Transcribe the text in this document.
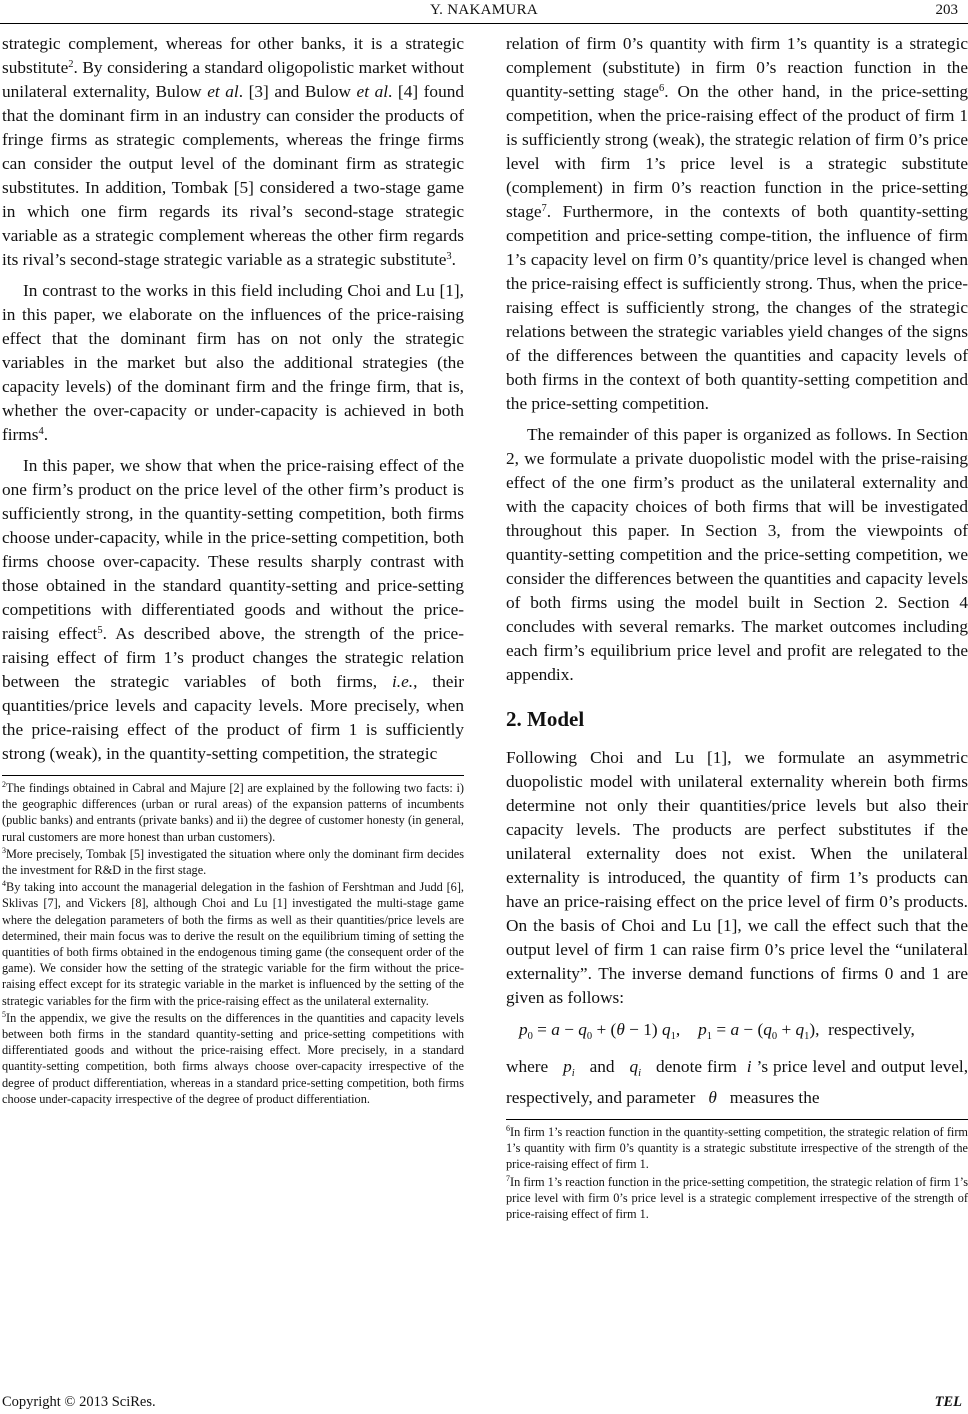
Y. NAKAMURA	203

strategic complement, whereas for other banks, it is a strategic substitute$^2$. By considering a standard oligopolistic market without unilateral externality, Bulow et al. [3] and Bulow et al. [4] found that the dominant firm in an industry can consider the products of fringe firms as strategic complements, whereas the fringe firms can consider the output level of the dominant firm as strategic substitutes. In addition, Tombak [5] considered a two-stage game in which one firm regards its rival’s second-stage strategic variable as a strategic complement whereas the other firm regards its rival’s second-stage strategic variable as a strategic substitute$^3$.

In contrast to the works in this field including Choi and Lu [1], in this paper, we elaborate on the influences of the price-raising effect that the dominant firm has on not only the strategic variables in the market but also the additional strategies (the capacity levels) of the dominant firm and the fringe firm, that is, whether the over-capacity or under-capacity is achieved in both firms$^4$.

In this paper, we show that when the price-raising effect of the one firm’s product on the price level of the other firm’s product is sufficiently strong, in the quantity-setting competition, both firms choose under-capacity, while in the price-setting competition, both firms choose over-capacity. These results sharply contrast with those obtained in the standard quantity-setting and price-setting competitions with differentiated goods and without the price-raising effect$^5$. As described above, the strength of the price-raising effect of firm 1’s product changes the strategic relation between the strategic variables of both firms, i.e., their quantities/price levels and capacity levels. More precisely, when the price-raising effect of the product of firm 1 is sufficiently strong (weak), in the quantity-setting competition, the strategic

$^2$The findings obtained in Cabral and Majure [2] are explained by the following two facts: i) the geographic differences (urban or rural areas) of the expansion patterns of incumbents (public banks) and entrants (private banks) and ii) the degree of customer honesty (in general, rural customers are more honest than urban customers).

$^3$More precisely, Tombak [5] investigated the situation where only the dominant firm decides the investment for R&D in the first stage.

$^4$By taking into account the managerial delegation in the fashion of Fershtman and Judd [6], Sklivas [7], and Vickers [8], although Choi and Lu [1] investigated the multi-stage game where the delegation parameters of both the firms as well as their quantities/price levels are determined, their main focus was to derive the result on the equilibrium timing of setting the quantities of both firms obtained in the endogenous timing game (the consequent order of the game). We consider how the setting of the strategic variable for the firm without the price-raising effect except for its strategic variable in the market is influenced by the setting of the strategic variables for the firm with the price-raising effect as the unilateral externality.

$^5$In the appendix, we give the results on the differences in the quantities and capacity levels between both firms in the standard quantity-setting and price-setting competitions with differentiated goods and without the price-raising effect. More precisely, in a standard quantity-setting competition, both firms always choose over-capacity irrespective of the degree of product differentiation, whereas in a standard price-setting competition, both firms choose under-capacity irrespective of the degree of product differentiation.

relation of firm 0’s quantity with firm 1’s quantity is a strategic complement (substitute) in firm 0’s reaction function in the quantity-setting stage$^6$. On the other hand, in the price-setting competition, when the price-raising effect of the product of firm 1 is sufficiently strong (weak), the strategic relation of firm 0’s price level with firm 1’s price level is a strategic substitute (complement) in firm 0’s reaction function in the price-setting stage$^7$. Furthermore, in the contexts of both quantity-setting competition and price-setting compe-tition, the influence of firm 1’s capacity level on firm 0’s quantity/price level is changed when the price-raising effect is sufficiently strong. Thus, when the price-raising effect is sufficiently strong, the changes of the strategic relations between the strategic variables yield changes of the signs of the differences between the quantities and capacity levels of both firms in the context of both quantity-setting competition and the price-setting competition.

The remainder of this paper is organized as follows. In Section 2, we formulate a private duopolistic model with the prise-raising effect of the one firm’s product as the unilateral externality and with the capacity choices of both firms that will be investigated throughout this paper. In Section 3, from the viewpoints of quantity-setting competition and the price-setting competition, we consider the differences between the quantities and capacity levels of both firms using the model built in Section 2. Section 4 concludes with several remarks. The market outcomes including each firm’s equilibrium price level and profit are relegated to the appendix.

2. Model

Following Choi and Lu [1], we formulate an asymmetric duopolistic model with unilateral externality wherein both firms determine not only their quantities/price levels but also their capacity levels. The products are perfect substitutes if the unilateral externality does not exist. When the unilateral externality is introduced, the quantity of firm 1’s products can have an price-raising effect on the price level of firm 0’s products. On the basis of Choi and Lu [1], we call the effect such that the output level of firm 1 can raise firm 0’s price level the “unilateral externality”. The inverse demand functions of firms 0 and 1 are given as follows:

$p_0 = a - q_0 + (\theta - 1)$ $q_1$, $p_1 = a - (q_0 + q_1)$,  respectively,

where $p_i$ and $q_i$ denote firm i ’s price level and output level, respectively, and parameter θ measures the

$^6$In firm 1’s reaction function in the quantity-setting competition, the strategic relation of firm 1’s quantity with firm 0’s quantity is a strategic substitute irrespective of the strength of the price-raising effect of firm 1.

$^7$In firm 1’s reaction function in the price-setting competition, the strategic relation of firm 1’s price level with firm 0’s price level is a strategic complement irrespective of the strength of price-raising effect of firm 1.

Copyright © 2013 SciRes.	TEL
